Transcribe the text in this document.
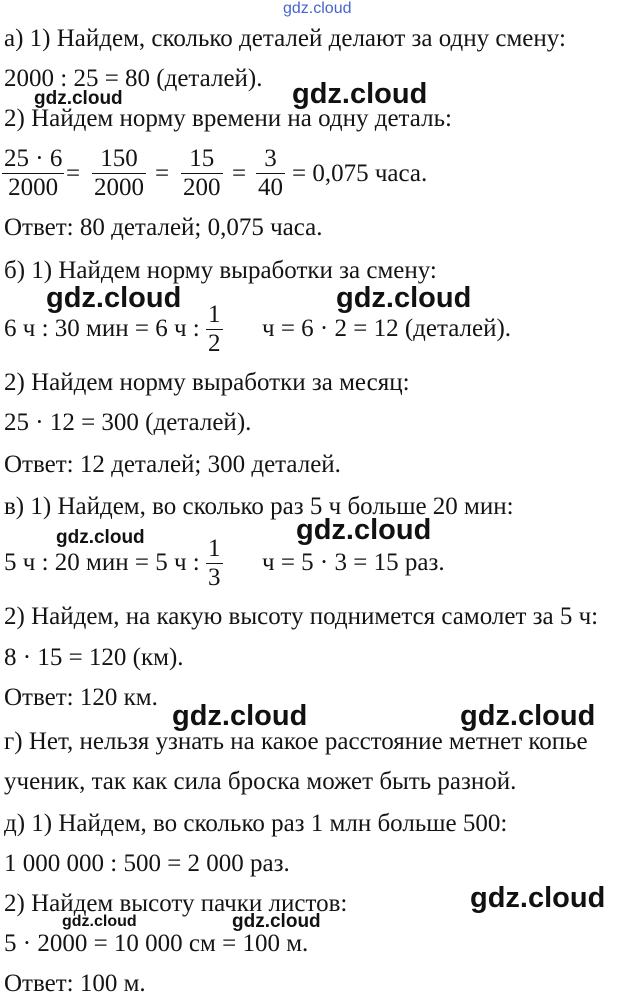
gdz.cloud
а) 1) Найдем, сколько деталей делают за одну смену:
2000 : 25 = 80 (деталей).
2) Найдем норму времени на одну деталь:
$\frac{25 \cdot 6}{2000} = \frac{150}{2000} = \frac{15}{200} = \frac{3}{40} = 0,075$ часа.
Ответ: 80 деталей; 0,075 часа.
б) 1) Найдем норму выработки за смену:
6 ч : 30 мин = 6 ч : $\frac{1}{2}$ ч = 6 · 2 = 12 (деталей).
2) Найдем норму выработки за месяц:
25 · 12 = 300 (деталей).
Ответ: 12 деталей; 300 деталей.
в) 1) Найдем, во сколько раз 5 ч больше 20 мин:
5 ч : 20 мин = 5 ч : $\frac{1}{3}$ ч = 5 · 3 = 15 раз.
2) Найдем, на какую высоту поднимется самолет за 5 ч:
8 · 15 = 120 (км).
Ответ: 120 км.
г) Нет, нельзя узнать на какое расстояние метнет копье
ученик, так как сила броска может быть разной.
д) 1) Найдем, во сколько раз 1 млн больше 500:
1 000 000 : 500 = 2 000 раз.
2) Найдем высоту пачки листов:
5 · 2000 = 10 000 см = 100 м.
Ответ: 100 м.
gdz.cloud	gdz.cloud
gdz.cloud	gdz.cloud
gdz.cloud	gdz.cloud
gdz.cloud	gdz.cloud
gdz.cloud
gdz.cloud	gdz.cloud
